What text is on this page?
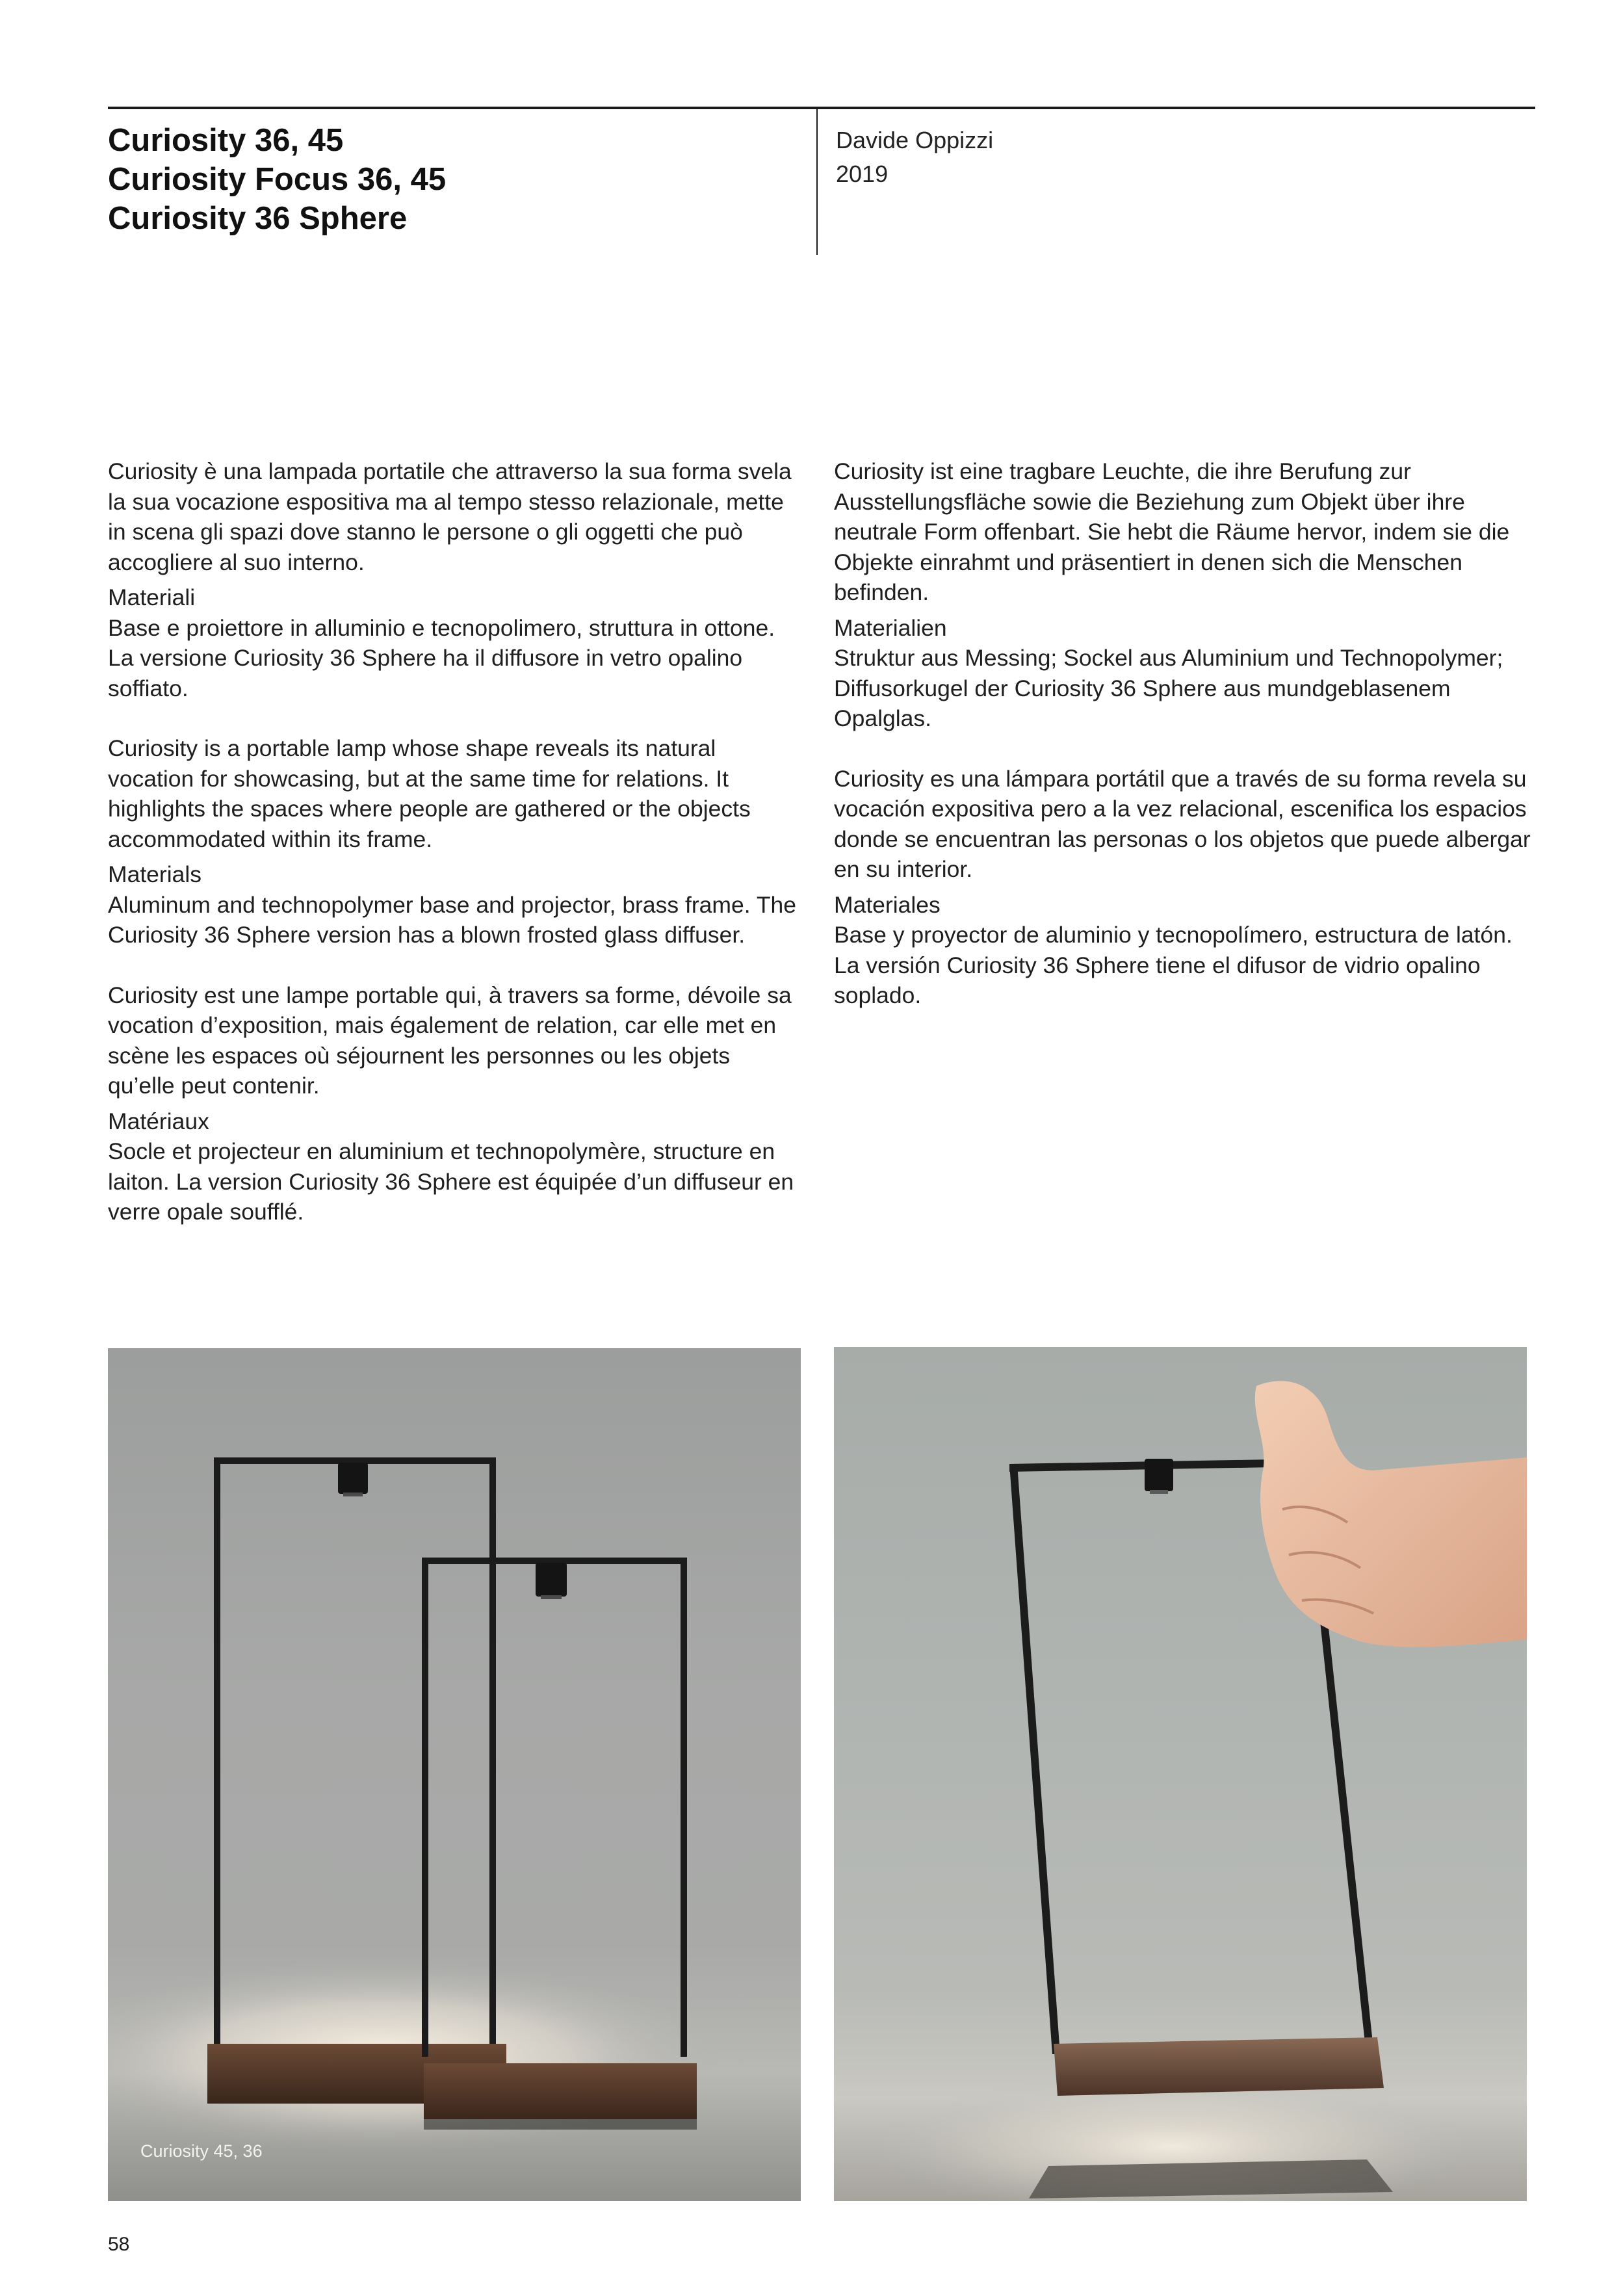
Curiosity 36, 45
Curiosity Focus 36, 45
Curiosity 36 Sphere
Davide Oppizzi
2019

Curiosity è una lampada portatile che attraverso la sua forma svela la sua vocazione espositiva ma al tempo stesso relazionale, mette in scena gli spazi dove stanno le persone o gli oggetti che può accogliere al suo interno.

Materiali

Base e proiettore in alluminio e tecnopolimero, struttura in ottone. La versione Curiosity 36 Sphere ha il diffusore in vetro opalino soffiato.

Curiosity is a portable lamp whose shape reveals its natural vocation for showcasing, but at the same time for relations. It highlights the spaces where people are gathered or the objects accommodated within its frame.

Materials

Aluminum and technopolymer base and projector, brass frame. The Curiosity 36 Sphere version has a blown frosted glass diffuser.

Curiosity est une lampe portable qui, à travers sa forme, dévoile sa vocation d’exposition, mais également de relation, car elle met en scène les espaces où séjournent les personnes ou les objets qu’elle peut contenir.

Matériaux

Socle et projecteur en aluminium et technopolymère, structure en laiton. La version Curiosity 36 Sphere est équipée d’un diffuseur en verre opale soufflé.

Curiosity ist eine tragbare Leuchte, die ihre Berufung zur Ausstellungsfläche sowie die Beziehung zum Objekt über ihre neutrale Form offenbart. Sie hebt die Räume hervor, indem sie die Objekte einrahmt und präsentiert in denen sich die Menschen befinden.

Materialien

Struktur aus Messing; Sockel aus Aluminium und Technopolymer; Diffusorkugel der Curiosity 36 Sphere aus mundgeblasenem Opalglas.

Curiosity es una lámpara portátil que a través de su forma revela su vocación expositiva pero a la vez relacional, escenifica los espacios donde se encuentran las personas o los objetos que puede albergar en su interior.

Materiales

Base y proyector de aluminio y tecnopolímero, estructura de latón. La versión Curiosity 36 Sphere tiene el difusor de vidrio opalino soplado.

Curiosity 45, 36
58
